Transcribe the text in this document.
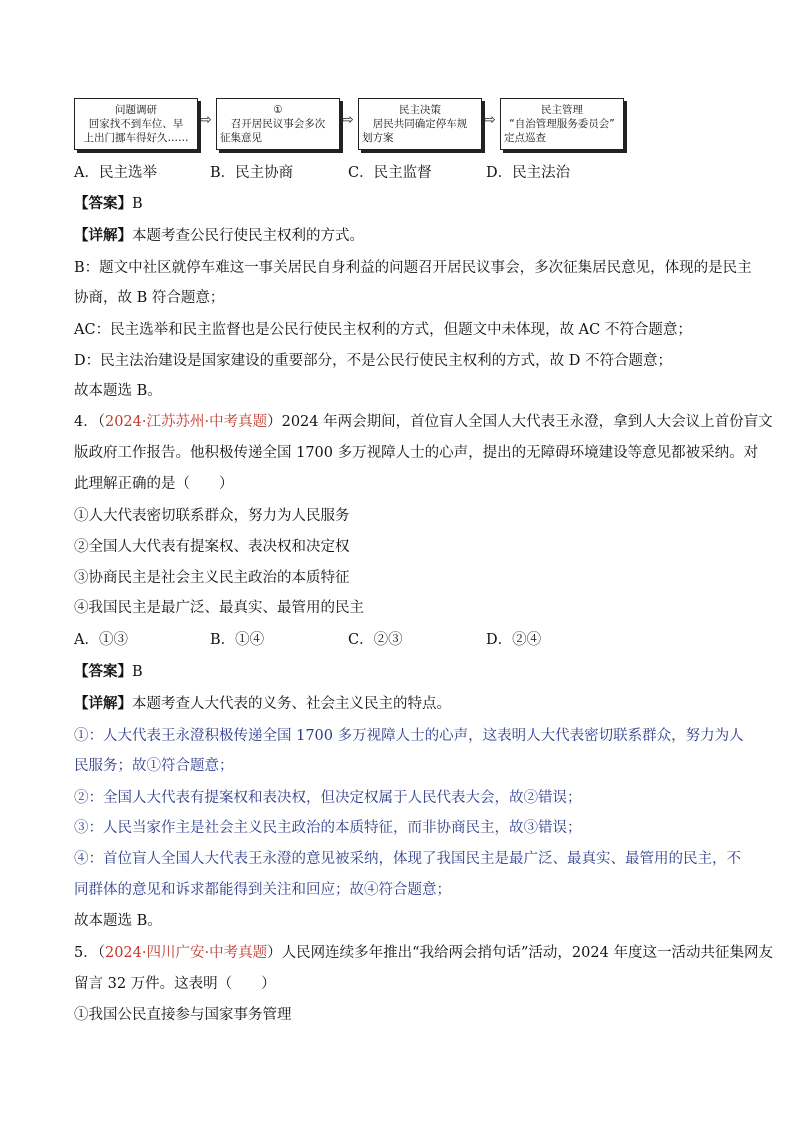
问题调研
回家找不到车位、早
上出门挪车得好久……
⇨
①
召开居民议事会多次
征集意见
⇨
民主决策
居民共同确定停车规
划方案
⇨
民主管理
“自治管理服务委员会”
定点巡查
A．民主选举	B．民主协商	C．民主监督	D．民主法治
【答案】B
【详解】本题考查公民行使民主权利的方式。
B：题文中社区就停车难这一事关居民自身利益的问题召开居民议事会，多次征集居民意见，体现的是民主
协商，故 B 符合题意；
AC：民主选举和民主监督也是公民行使民主权利的方式，但题文中未体现，故 AC 不符合题意；
D：民主法治建设是国家建设的重要部分，不是公民行使民主权利的方式，故 D 不符合题意；
故本题选 B。
4．（2024·江苏苏州·中考真题）2024 年两会期间，首位盲人全国人大代表王永澄，拿到人大会议上首份盲文
版政府工作报告。他积极传递全国 1700 多万视障人士的心声，提出的无障碍环境建设等意见都被采纳。对
此理解正确的是（　　）
①人大代表密切联系群众，努力为人民服务
②全国人大代表有提案权、表决权和决定权
③协商民主是社会主义民主政治的本质特征
④我国民主是最广泛、最真实、最管用的民主
A．①③	B．①④	C．②③	D．②④
【答案】B
【详解】本题考查人大代表的义务、社会主义民主的特点。
①：人大代表王永澄积极传递全国 1700 多万视障人士的心声，这表明人大代表密切联系群众，努力为人
民服务；故①符合题意；
②：全国人大代表有提案权和表决权，但决定权属于人民代表大会，故②错误；
③：人民当家作主是社会主义民主政治的本质特征，而非协商民主，故③错误；
④：首位盲人全国人大代表王永澄的意见被采纳，体现了我国民主是最广泛、最真实、最管用的民主，不
同群体的意见和诉求都能得到关注和回应；故④符合题意；
故本题选 B。
5．（2024·四川广安·中考真题）人民网连续多年推出“我给两会捎句话”活动，2024 年度这一活动共征集网友
留言 32 万件。这表明（　　）
①我国公民直接参与国家事务管理
